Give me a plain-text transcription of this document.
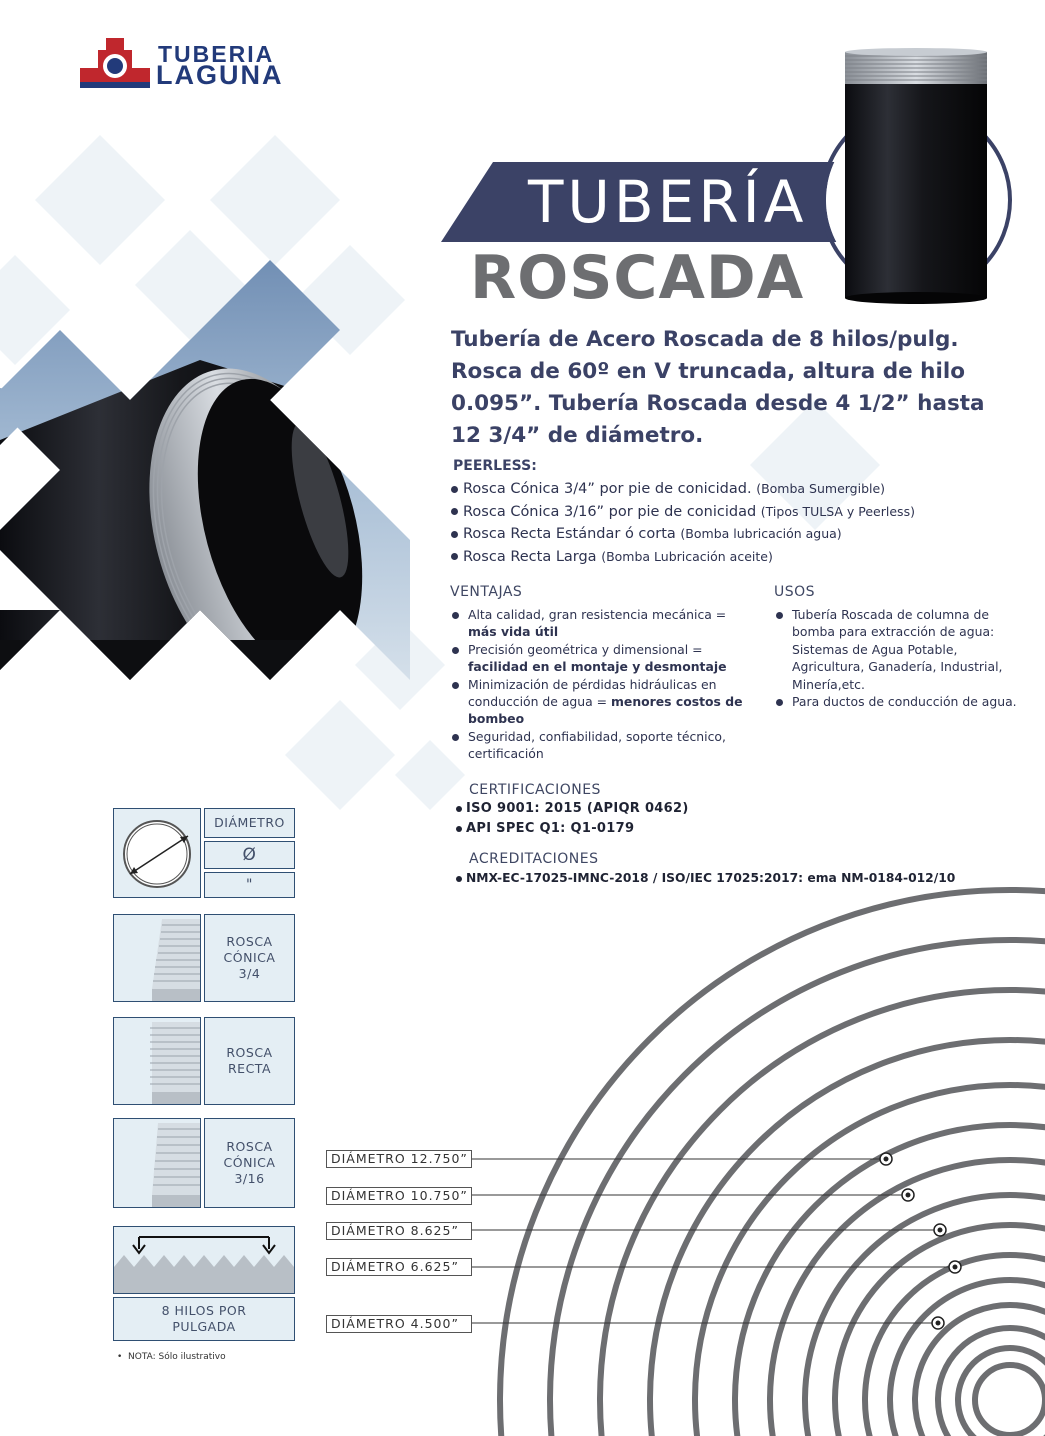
TUBERIA
LAGUNA
TUBERÍA
ROSCADA
Tubería de Acero Roscada de 8 hilos/pulg.
Rosca de 60º en V truncada, altura de hilo
0.095”. Tubería Roscada desde 4 1/2” hasta
12 3/4” de diámetro.
PEERLESS:
Rosca Cónica 3/4” por pie de conicidad. (Bomba Sumergible)
Rosca Cónica 3/16” por pie de conicidad (Tipos TULSA y Peerless)
Rosca Recta Estándar ó corta (Bomba lubricación agua)
Rosca Recta Larga (Bomba Lubricación aceite)
VENTAJAS
Alta calidad, gran resistencia mecánica = más vida útil
Precisión geométrica y dimensional = facilidad en el montaje y desmontaje
Minimización de pérdidas hidráulicas en conducción de agua = menores costos de bombeo
Seguridad, confiabilidad, soporte técnico, certificación
USOS
Tubería Roscada de columna de bomba para extracción de agua: Sistemas de Agua Potable, Agricultura, Ganadería, Industrial, Minería,etc.
Para ductos de conducción de agua.
CERTIFICACIONES
ISO 9001: 2015 (APIQR 0462)
API SPEC Q1: Q1-0179
ACREDITACIONES
NMX-EC-17025-IMNC-2018 / ISO/IEC 17025:2017: ema NM-0184-012/10
DIÁMETRO
Ø
"
ROSCA
CÓNICA
3/4
ROSCA
RECTA
ROSCA
CÓNICA
3/16
8 HILOS POR
PULGADA
•  NOTA: Sólo ilustrativo
DIÁMETRO 12.750”
DIÁMETRO 10.750”
DIÁMETRO 8.625”
DIÁMETRO 6.625”
DIÁMETRO 4.500”
